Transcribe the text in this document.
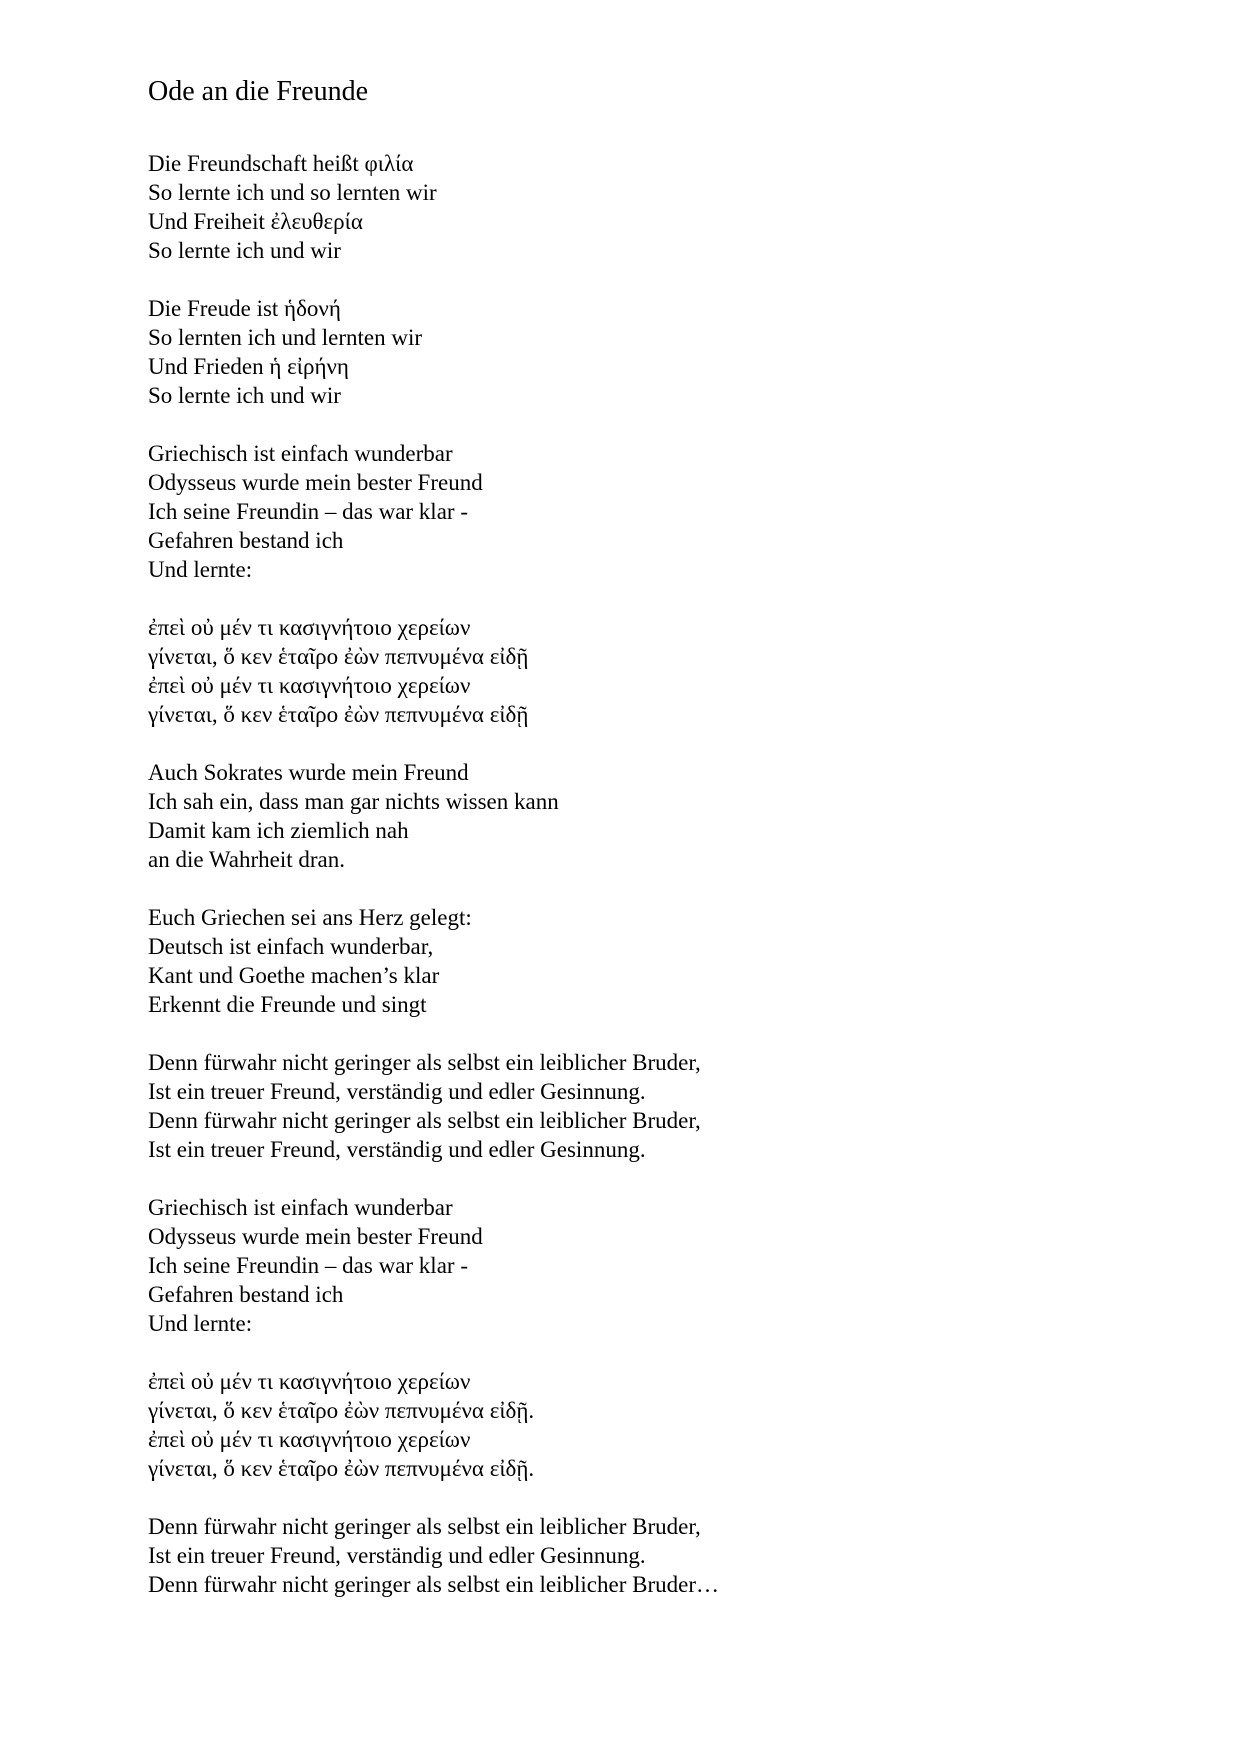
Ode an die Freunde
Die Freundschaft heißt φιλία
So lernte ich und so lernten wir
Und Freiheit ἐλευθερία
So lernte ich und wir
Die Freude ist ἡδονή
So lernten ich und lernten wir
Und Frieden ἡ εἰρήνη
So lernte ich und wir
Griechisch ist einfach wunderbar
Odysseus wurde mein bester Freund
Ich seine Freundin – das war klar -
Gefahren bestand ich
Und lernte:
ἐπεὶ οὐ μέν τι κασιγνήτοιο χερείων
γίνεται, ὅ κεν ἑταῖρο ἐὼν πεπνυμένα εἰδῇ
ἐπεὶ οὐ μέν τι κασιγνήτοιο χερείων
γίνεται, ὅ κεν ἑταῖρο ἐὼν πεπνυμένα εἰδῇ
Auch Sokrates wurde mein Freund
Ich sah ein, dass man gar nichts wissen kann
Damit kam ich ziemlich nah
an die Wahrheit dran.
Euch Griechen sei ans Herz gelegt:
Deutsch ist einfach wunderbar,
Kant und Goethe machen’s klar
Erkennt die Freunde und singt
Denn fürwahr nicht geringer als selbst ein leiblicher Bruder,
Ist ein treuer Freund, verständig und edler Gesinnung.
Denn fürwahr nicht geringer als selbst ein leiblicher Bruder,
Ist ein treuer Freund, verständig und edler Gesinnung.
Griechisch ist einfach wunderbar
Odysseus wurde mein bester Freund
Ich seine Freundin – das war klar -
Gefahren bestand ich
Und lernte:
ἐπεὶ οὐ μέν τι κασιγνήτοιο χερείων
γίνεται, ὅ κεν ἑταῖρο ἐὼν πεπνυμένα εἰδῇ.
ἐπεὶ οὐ μέν τι κασιγνήτοιο χερείων
γίνεται, ὅ κεν ἑταῖρο ἐὼν πεπνυμένα εἰδῇ.
Denn fürwahr nicht geringer als selbst ein leiblicher Bruder,
Ist ein treuer Freund, verständig und edler Gesinnung.
Denn fürwahr nicht geringer als selbst ein leiblicher Bruder…
